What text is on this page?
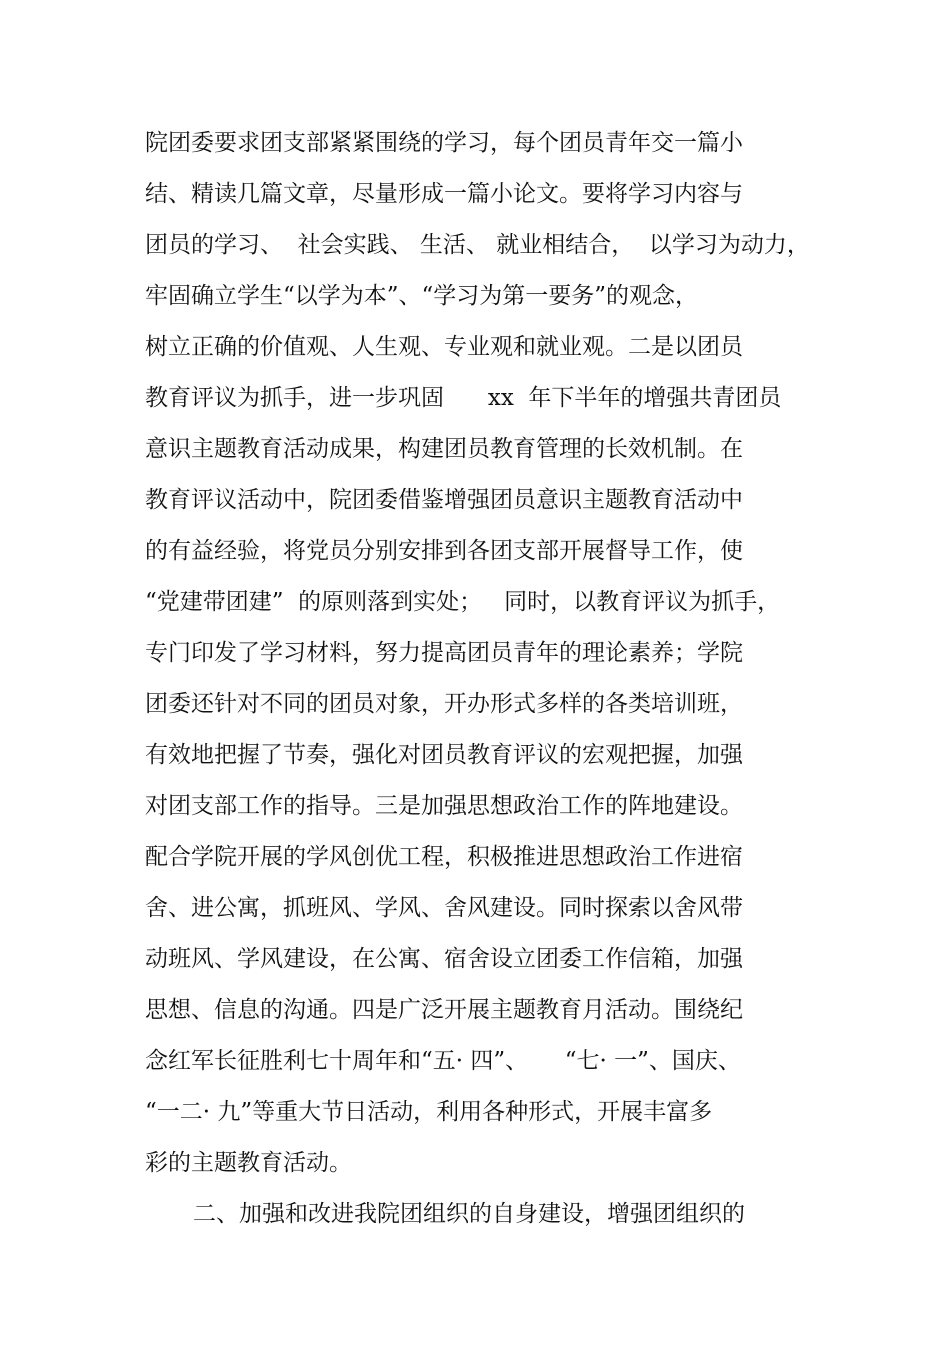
院团委要求团支部紧紧围绕的学习，每个团员青年交一篇小

结、精读几篇文章，尽量形成一篇小论文。要将学习内容与

团员的学习、  社会实践、 生活、 就业相结合，  以学习为动力，

牢固确立学生“以学为本”、“学习为第一要务”的观念，

树立正确的价值观、人生观、专业观和就业观。二是以团员

教育评议为抓手，进一步巩固      xx  年下半年的增强共青团员

意识主题教育活动成果，构建团员教育管理的长效机制。在

教育评议活动中，院团委借鉴增强团员意识主题教育活动中

的有益经验，将党员分别安排到各团支部开展督导工作，使

“党建带团建”  的原则落到实处；   同时，以教育评议为抓手，

专门印发了学习材料，努力提高团员青年的理论素养；学院

团委还针对不同的团员对象，开办形式多样的各类培训班，

有效地把握了节奏，强化对团员教育评议的宏观把握，加强

对团支部工作的指导。三是加强思想政治工作的阵地建设。

配合学院开展的学风创优工程，积极推进思想政治工作进宿

舍、进公寓，抓班风、学风、舍风建设。同时探索以舍风带

动班风、学风建设，在公寓、宿舍设立团委工作信箱，加强

思想、信息的沟通。四是广泛开展主题教育月活动。围绕纪

念红军长征胜利七十周年和“五· 四”、     “七· 一”、国庆、

“一二· 九”等重大节日活动，利用各种形式，开展丰富多

彩的主题教育活动。

二、加强和改进我院团组织的自身建设，增强团组织的
